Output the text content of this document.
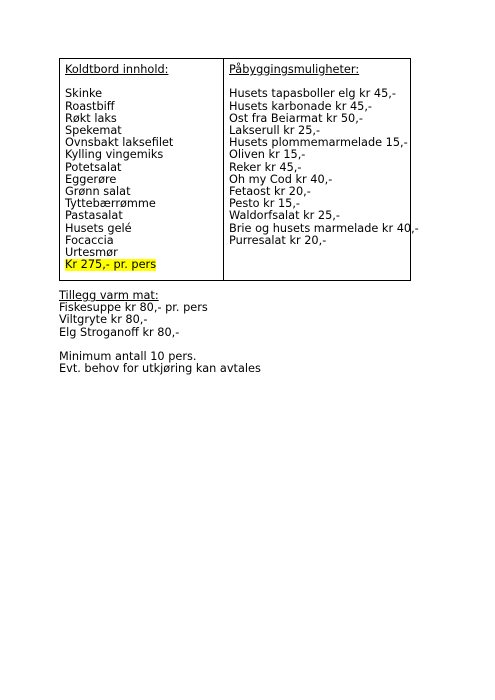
Koldtbord innhold:
Skinke
Roastbiff
Røkt laks
Spekemat
Ovnsbakt laksefilet
Kylling vingemiks
Potetsalat
Eggerøre
Grønn salat
Tyttebærrømme
Pastasalat
Husets gelé
Focaccia
Urtesmør
Kr 275,- pr. pers

Påbyggingsmuligheter:
Husets tapasboller elg kr 45,-
Husets karbonade kr 45,-
Ost fra Beiarmat kr 50,-
Lakserull kr 25,-
Husets plommemarmelade 15,-
Oliven kr 15,-
Reker kr 45,-
Oh my Cod kr 40,-
Fetaost kr 20,-
Pesto kr 15,-
Waldorfsalat kr 25,-
Brie og husets marmelade kr 40,-
Purresalat kr 20,-
Tillegg varm mat:
Fiskesuppe kr 80,- pr. pers
Viltgryte kr 80,-
Elg Stroganoff kr 80,-
Minimum antall 10 pers.
Evt. behov for utkjøring kan avtales
